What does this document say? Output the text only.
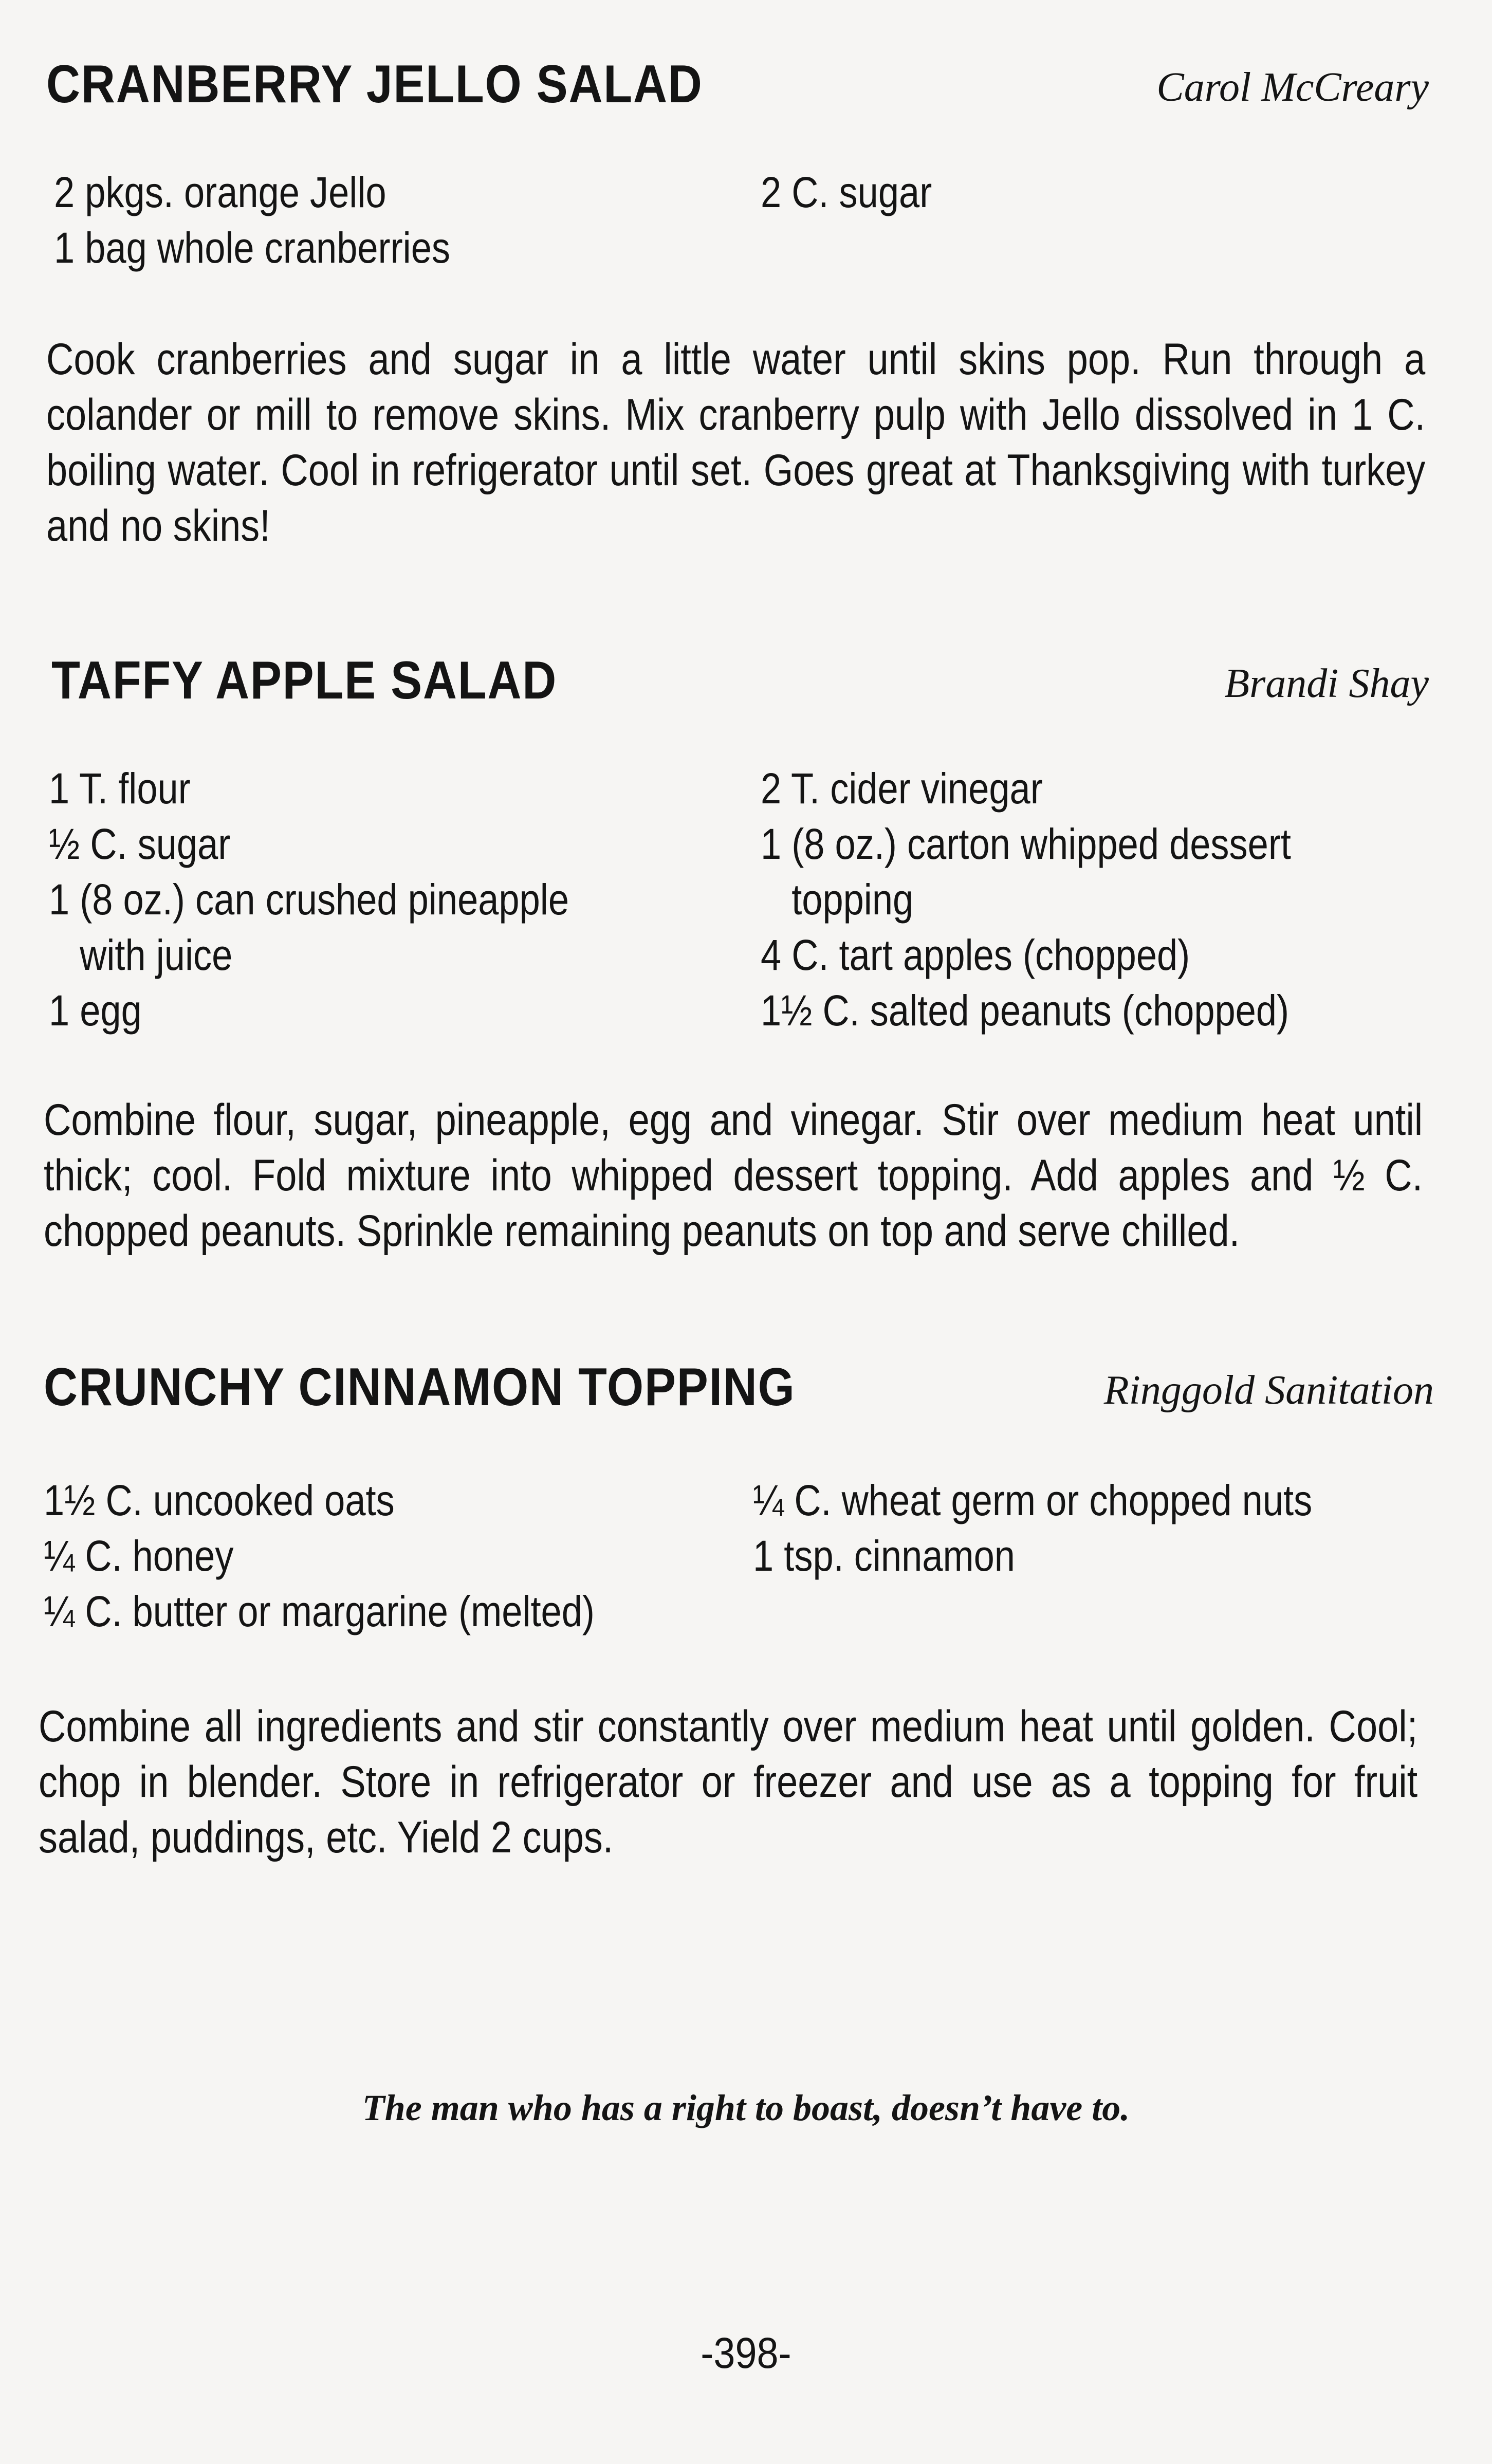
CRANBERRY JELLO SALAD	Carol McCreary
2 pkgs. orange Jello
1 bag whole cranberries
2 C. sugar
Cook cranberries and sugar in a little water until skins pop. Run through a colander or mill to remove skins. Mix cranberry pulp with Jello dissolved in 1 C. boiling water. Cool in refrigerator until set. Goes great at Thanksgiving with turkey and no skins!
TAFFY APPLE SALAD	Brandi Shay
1 T. flour
½ C. sugar
1 (8 oz.) can crushed pineapple
with juice
1 egg
2 T. cider vinegar
1 (8 oz.) carton whipped dessert
topping
4 C. tart apples (chopped)
1½ C. salted peanuts (chopped)
Combine flour, sugar, pineapple, egg and vinegar. Stir over medium heat until thick; cool. Fold mixture into whipped dessert topping. Add apples and ½ C. chopped peanuts. Sprinkle remaining peanuts on top and serve chilled.
CRUNCHY CINNAMON TOPPING	Ringgold Sanitation
1½ C. uncooked oats
¼ C. honey
¼ C. butter or margarine (melted)
¼ C. wheat germ or chopped nuts
1 tsp. cinnamon
Combine all ingredients and stir constantly over medium heat until golden. Cool; chop in blender. Store in refrigerator or freezer and use as a topping for fruit salad, puddings, etc. Yield 2 cups.
The man who has a right to boast, doesn’t have to.
-398-
